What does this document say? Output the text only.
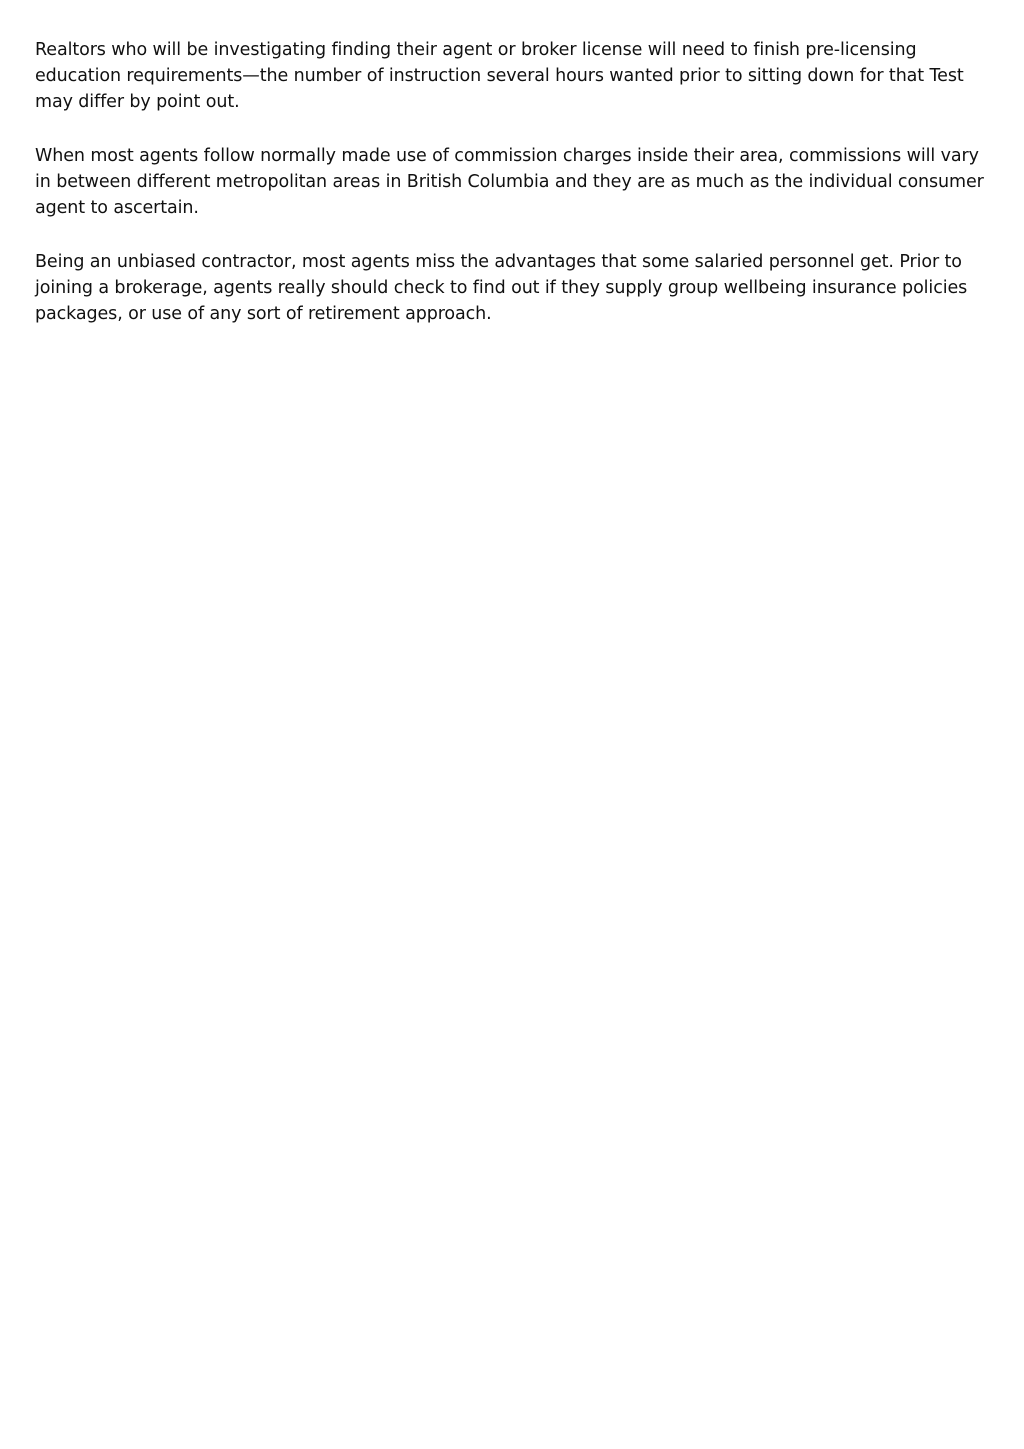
Realtors who will be investigating finding their agent or broker license will need to finish pre-licensing education requirements—the number of instruction several hours wanted prior to sitting down for that Test may differ by point out.

When most agents follow normally made use of commission charges inside their area, commissions will vary in between different metropolitan areas in British Columbia and they are as much as the individual consumer agent to ascertain.

Being an unbiased contractor, most agents miss the advantages that some salaried personnel get. Prior to joining a brokerage, agents really should check to find out if they supply group wellbeing insurance policies packages, or use of any sort of retirement approach.
